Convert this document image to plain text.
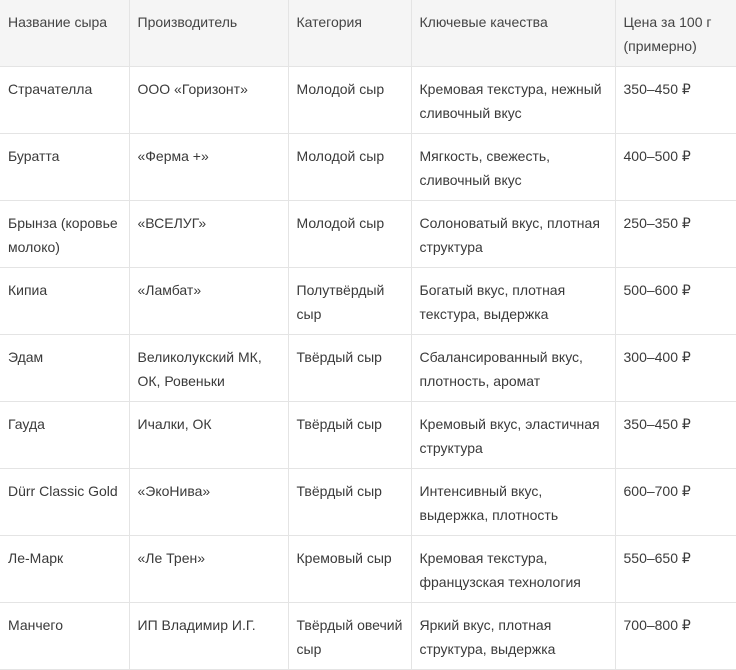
Название сыра	Производитель	Категория	Ключевые качества	Цена за 100 г (примерно)
Страчателла	ООО «Горизонт»	Молодой сыр	Кремовая текстура, нежный сливочный вкус	350–450 ₽
Буратта	«Ферма +»	Молодой сыр	Мягкость, свежесть, сливочный вкус	400–500 ₽
Брынза (коровье молоко)	«ВСЕЛУГ»	Молодой сыр	Солоноватый вкус, плотная структура	250–350 ₽
Кипиа	«Ламбат»	Полутвёрдый сыр	Богатый вкус, плотная текстура, выдержка	500–600 ₽
Эдам	Великолукский МК, ОК, Ровеньки	Твёрдый сыр	Сбалансированный вкус, плотность, аромат	300–400 ₽
Гауда	Ичалки, ОК	Твёрдый сыр	Кремовый вкус, эластичная структура	350–450 ₽
Dürr Classic Gold	«ЭкоНива»	Твёрдый сыр	Интенсивный вкус, выдержка, плотность	600–700 ₽
Ле-Марк	«Ле Трен»	Кремовый сыр	Кремовая текстура, французская технология	550–650 ₽
Манчего	ИП Владимир И.Г.	Твёрдый овечий сыр	Яркий вкус, плотная структура, выдержка	700–800 ₽
